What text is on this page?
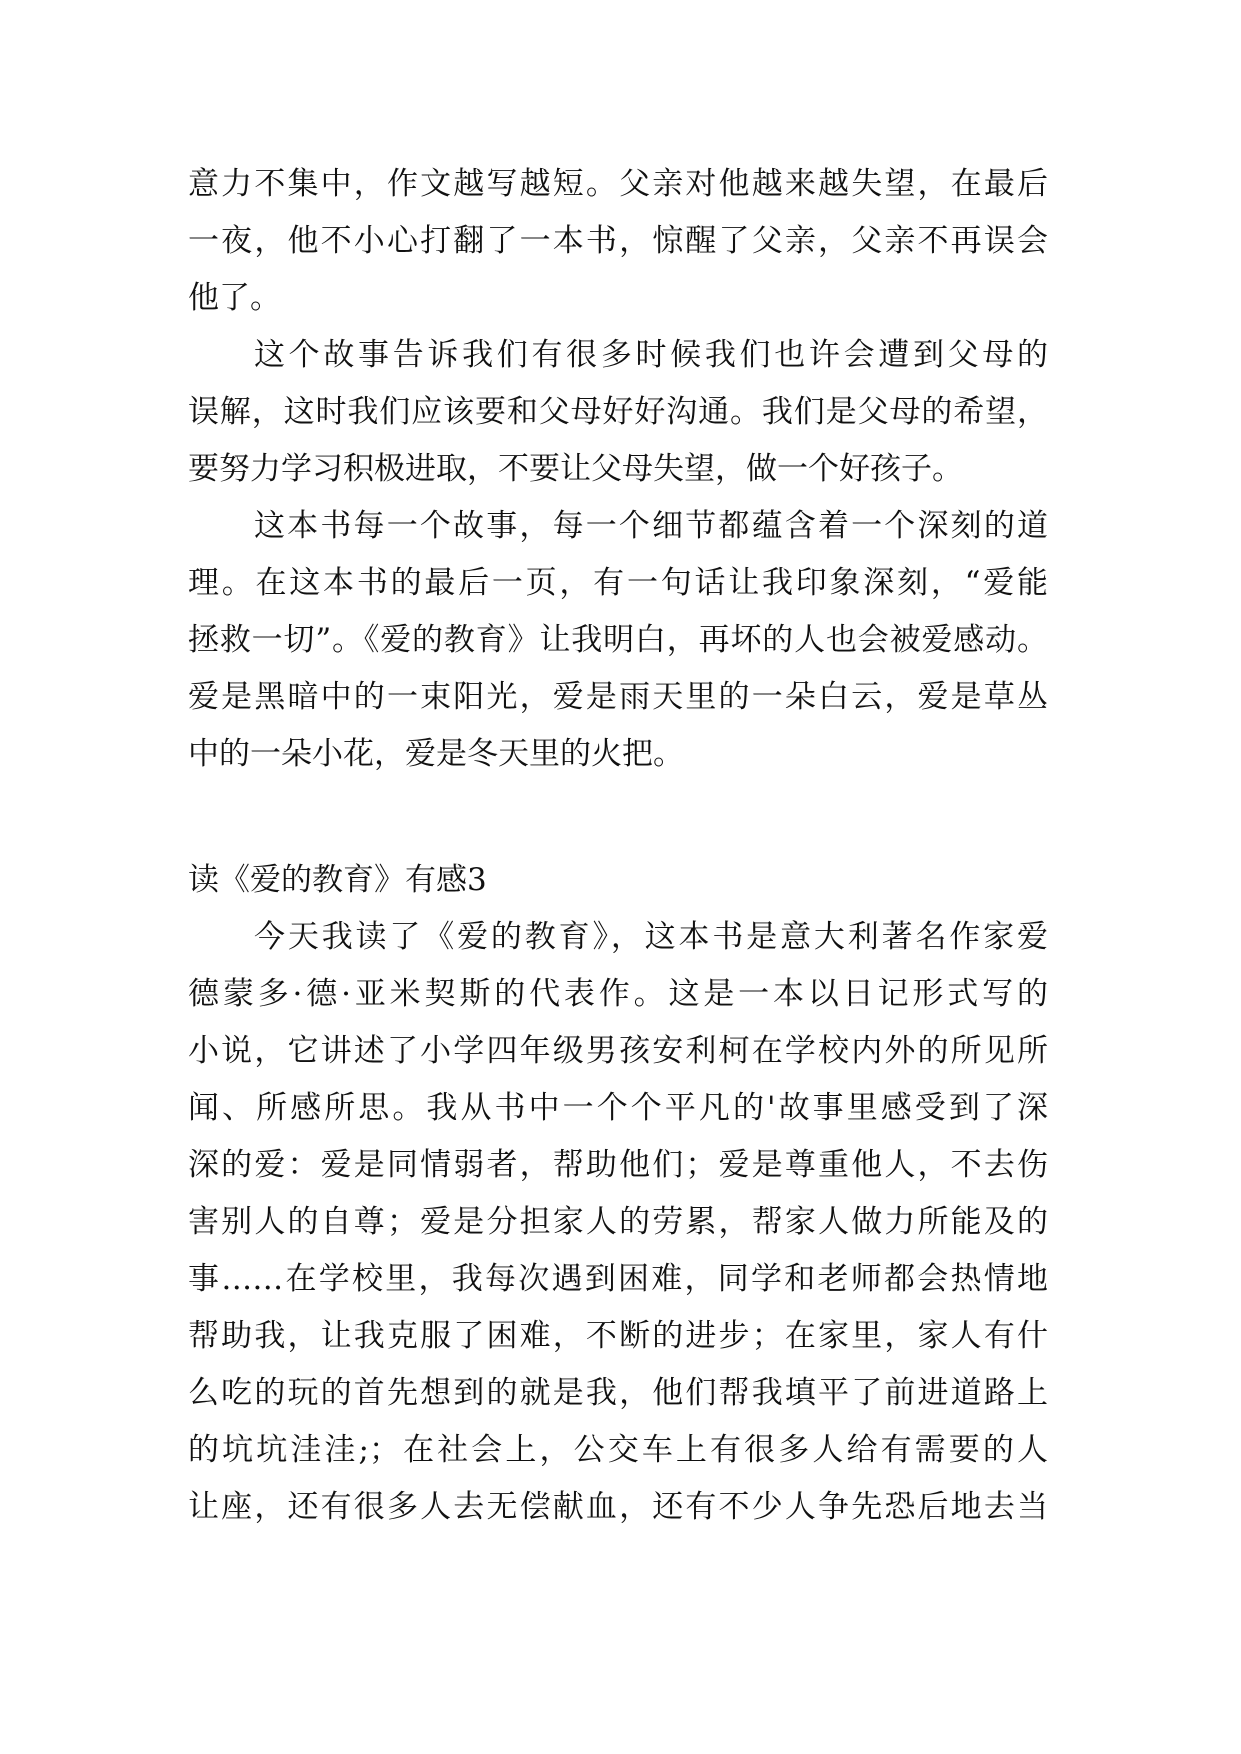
意力不集中，作文越写越短。父亲对他越来越失望，在最后

一夜，他不小心打翻了一本书，惊醒了父亲，父亲不再误会

他了。

这个故事告诉我们有很多时候我们也许会遭到父母的

误解，这时我们应该要和父母好好沟通。我们是父母的希望，

要努力学习积极进取，不要让父母失望，做一个好孩子。

这本书每一个故事，每一个细节都蕴含着一个深刻的道

理。在这本书的最后一页，有一句话让我印象深刻，“爱能

拯救一切”。《爱的教育》让我明白，再坏的人也会被爱感动。

爱是黑暗中的一束阳光，爱是雨天里的一朵白云，爱是草丛

中的一朵小花，爱是冬天里的火把。

读《爱的教育》有感3

今天我读了《爱的教育》，这本书是意大利著名作家爱

德蒙多·德·亚米契斯的代表作。这是一本以日记形式写的

小说，它讲述了小学四年级男孩安利柯在学校内外的所见所

闻、所感所思。我从书中一个个平凡的'故事里感受到了深

深的爱：爱是同情弱者，帮助他们；爱是尊重他人，不去伤

害别人的自尊；爱是分担家人的劳累，帮家人做力所能及的

事……在学校里，我每次遇到困难，同学和老师都会热情地

帮助我，让我克服了困难，不断的进步；在家里，家人有什

么吃的玩的首先想到的就是我，他们帮我填平了前进道路上

的坑坑洼洼;；在社会上，公交车上有很多人给有需要的人

让座，还有很多人去无偿献血，还有不少人争先恐后地去当
